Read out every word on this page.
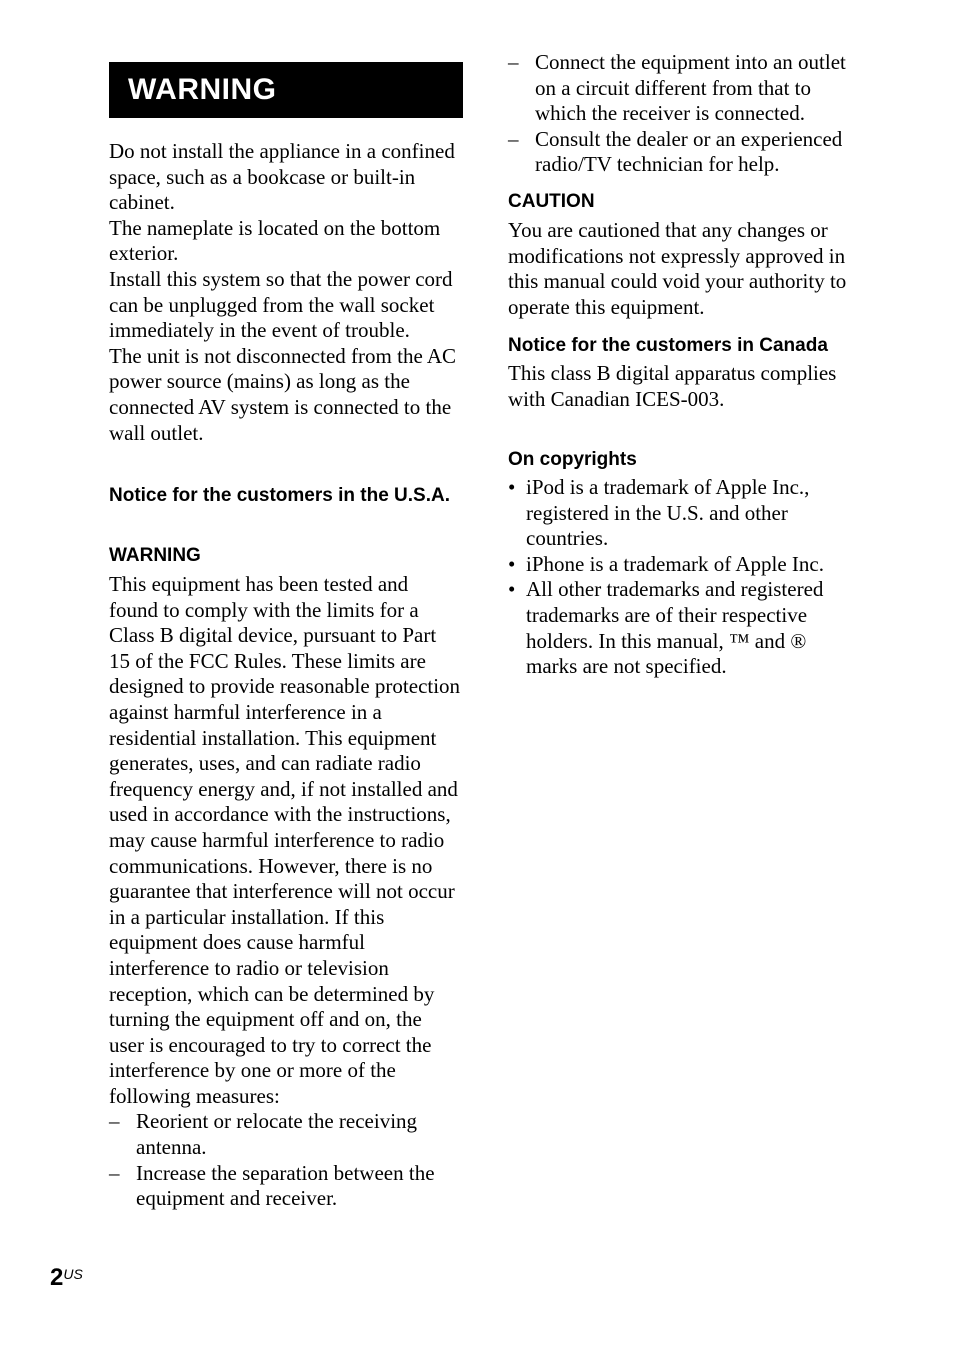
WARNING

Do not install the appliance in a confined space, such as a bookcase or built-in cabinet.

The nameplate is located on the bottom exterior.

Install this system so that the power cord can be unplugged from the wall socket immediately in the event of trouble.

The unit is not disconnected from the AC power source (mains) as long as the connected AV system is connected to the wall outlet.

Notice for the customers in the U.S.A.
WARNING

This equipment has been tested and found to comply with the limits for a Class B digital device, pursuant to Part 15 of the FCC Rules. These limits are designed to provide reasonable protection against harmful interference in a residential installation. This equipment generates, uses, and can radiate radio frequency energy and, if not installed and used in accordance with the instructions, may cause harmful interference to radio communications. However, there is no guarantee that interference will not occur in a particular installation. If this equipment does cause harmful interference to radio or television reception, which can be determined by turning the equipment off and on, the user is encouraged to try to correct the interference by one or more of the following measures:

– Reorient or relocate the receiving antenna.
– Increase the separation between the equipment and receiver.
– Connect the equipment into an outlet on a circuit different from that to which the receiver is connected.
– Consult the dealer or an experienced radio/TV technician for help.
CAUTION

You are cautioned that any changes or modifications not expressly approved in this manual could void your authority to operate this equipment.

Notice for the customers in Canada

This class B digital apparatus complies with Canadian ICES-003.

On copyrights
• iPod is a trademark of Apple Inc., registered in the U.S. and other countries.
• iPhone is a trademark of Apple Inc.
• All other trademarks and registered trademarks are of their respective holders. In this manual, ™ and ® marks are not specified.
2US
